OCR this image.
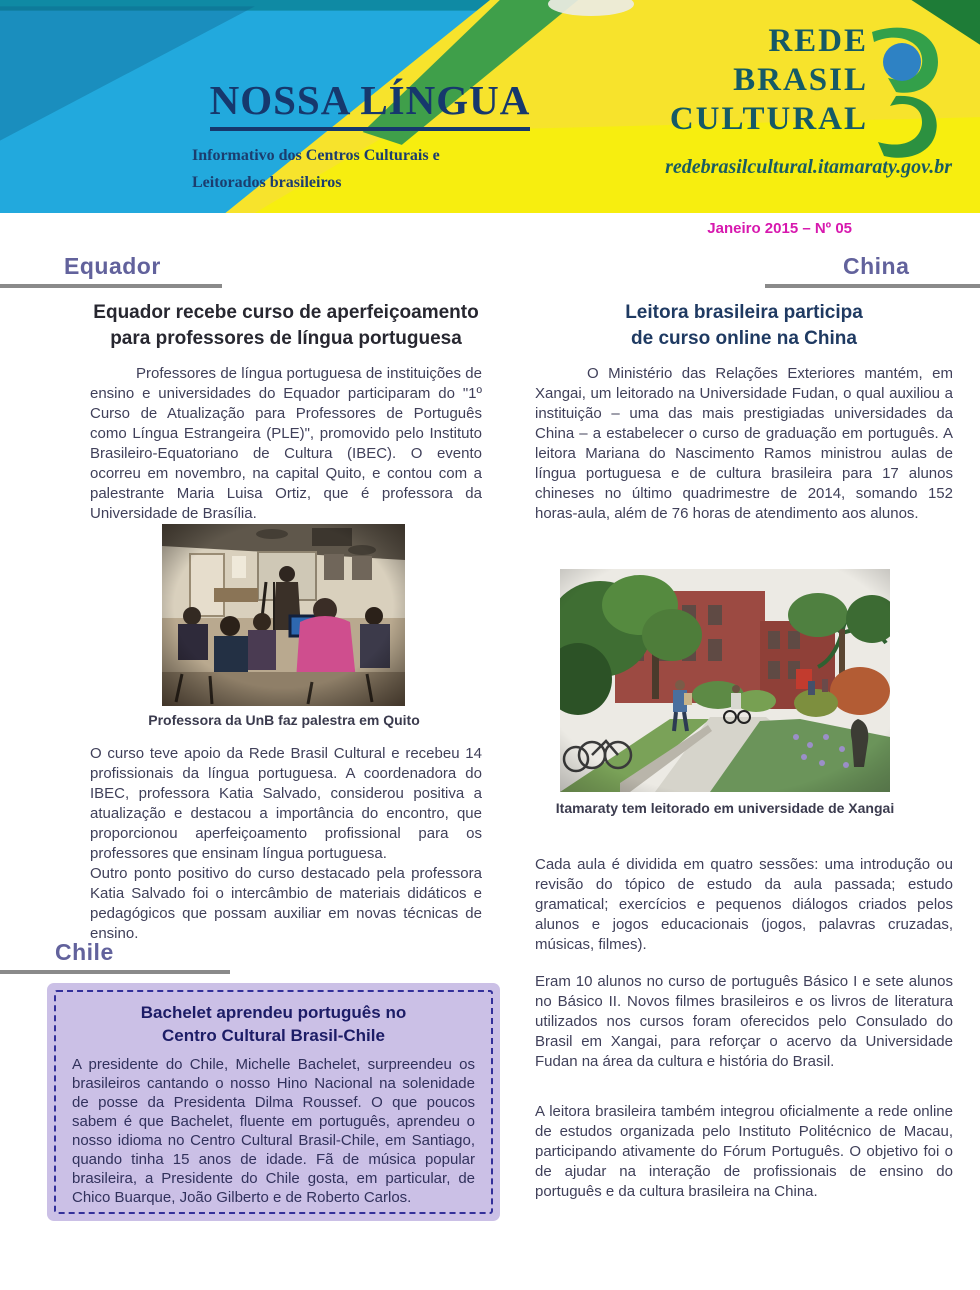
NOSSA LÍNGUA
Informativo dos Centros Culturais e
Leitorados brasileiros
REDE
BRASIL
CULTURAL
redebrasilcultural.itamaraty.gov.br
Janeiro 2015 – Nº 05
Equador
Equador recebe curso de aperfeiçoamento
para professores de língua portuguesa
Professores de língua portuguesa de instituições de ensino e universidades do Equador participaram do "1º Curso de Atualização para Professores de Português como Língua Estrangeira (PLE)", promovido pelo Instituto Brasileiro-Equatoriano de Cultura (IBEC). O evento ocorreu em novembro, na capital Quito, e contou com a palestrante Maria Luisa Ortiz, que é professora da Universidade de Brasília.
Professora da UnB faz palestra em Quito
O curso teve apoio da Rede Brasil Cultural e recebeu 14 profissionais da língua portuguesa. A coordenadora do IBEC, professora Katia Salvado, considerou positiva a atualização e destacou a importância do encontro, que proporcionou aperfeiçoamento profissional para os professores que ensinam língua portuguesa.
Outro ponto positivo do curso destacado pela professora Katia Salvado foi o intercâmbio de materiais didáticos e pedagógicos que possam auxiliar em novas técnicas de ensino.
Chile
Bachelet aprendeu português no
Centro Cultural Brasil-Chile
A presidente do Chile, Michelle Bachelet, surpreendeu os brasileiros cantando o nosso Hino Nacional na solenidade de posse da Presidenta Dilma Roussef. O que poucos sabem é que Bachelet, fluente em português, aprendeu o nosso idioma no Centro Cultural Brasil-Chile, em Santiago, quando tinha 15 anos de idade. Fã de música popular brasileira, a Presidente do Chile gosta, em particular, de Chico Buarque, João Gilberto e de Roberto Carlos.
China
Leitora brasileira participa
de curso online na China
O Ministério das Relações Exteriores mantém, em Xangai, um leitorado na Universidade Fudan, o qual auxiliou a instituição – uma das mais prestigiadas universidades da China – a estabelecer o curso de graduação em português. A leitora Mariana do Nascimento Ramos ministrou aulas de língua portuguesa e de cultura brasileira para 17 alunos chineses no último quadrimestre de 2014, somando 152 horas-aula, além de 76 horas de atendimento aos alunos.
Itamaraty tem leitorado em universidade de Xangai
Cada aula é dividida em quatro sessões: uma introdução ou revisão do tópico de estudo da aula passada; estudo gramatical; exercícios e pequenos diálogos criados pelos alunos e jogos educacionais (jogos, palavras cruzadas, músicas, filmes).
Eram 10 alunos no curso de português Básico I e sete alunos no Básico II. Novos filmes brasileiros e os livros de literatura utilizados nos cursos foram oferecidos pelo Consulado do Brasil em Xangai, para reforçar o acervo da Universidade Fudan na área da cultura e história do Brasil.
A leitora brasileira também integrou oficialmente a rede online de estudos organizada pelo Instituto Politécnico de Macau, participando ativamente do Fórum Português. O objetivo foi o de ajudar na interação de profissionais de ensino do português e da cultura brasileira na China.
